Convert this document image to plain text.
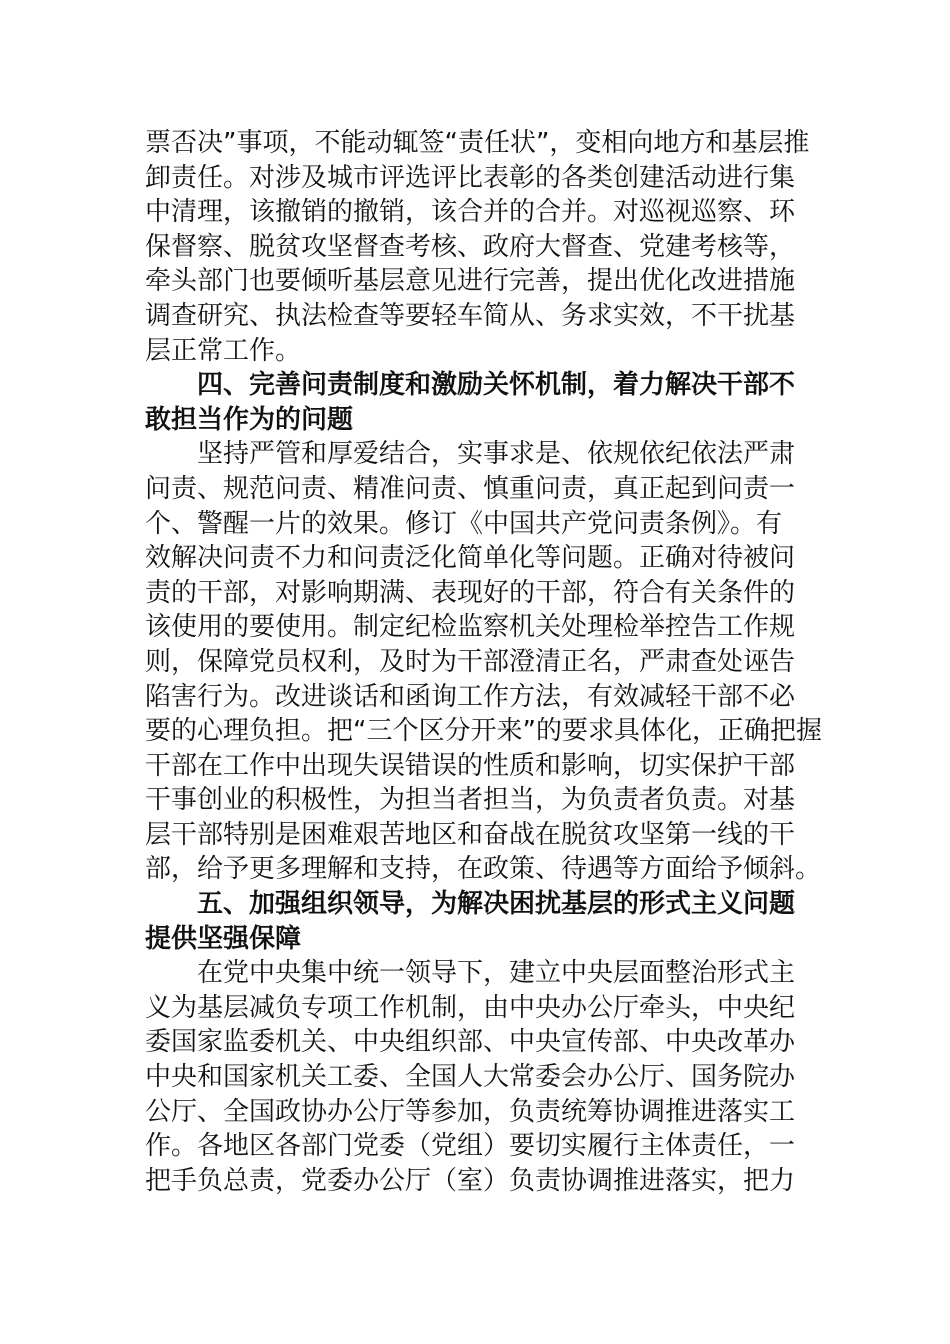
票否决”事项，不能动辄签“责任状”，变相向地方和基层推
卸责任。对涉及城市评选评比表彰的各类创建活动进行集
中清理，该撤销的撤销，该合并的合并。对巡视巡察、环
保督察、脱贫攻坚督查考核、政府大督查、党建考核等，
牵头部门也要倾听基层意见进行完善，提出优化改进措施
调查研究、执法检查等要轻车简从、务求实效，不干扰基
层正常工作。
四、完善问责制度和激励关怀机制，着力解决干部不
敢担当作为的问题
坚持严管和厚爱结合，实事求是、依规依纪依法严肃
问责、规范问责、精准问责、慎重问责，真正起到问责一
个、警醒一片的效果。修订《中国共产党问责条例》。有
效解决问责不力和问责泛化简单化等问题。正确对待被问
责的干部，对影响期满、表现好的干部，符合有关条件的
该使用的要使用。制定纪检监察机关处理检举控告工作规
则，保障党员权利，及时为干部澄清正名，严肃查处诬告
陷害行为。改进谈话和函询工作方法，有效减轻干部不必
要的心理负担。把“三个区分开来”的要求具体化，正确把握
干部在工作中出现失误错误的性质和影响，切实保护干部
干事创业的积极性，为担当者担当，为负责者负责。对基
层干部特别是困难艰苦地区和奋战在脱贫攻坚第一线的干
部，给予更多理解和支持，在政策、待遇等方面给予倾斜。
五、加强组织领导，为解决困扰基层的形式主义问题
提供坚强保障
在党中央集中统一领导下，建立中央层面整治形式主
义为基层减负专项工作机制，由中央办公厅牵头，中央纪
委国家监委机关、中央组织部、中央宣传部、中央改革办
中央和国家机关工委、全国人大常委会办公厅、国务院办
公厅、全国政协办公厅等参加，负责统筹协调推进落实工
作。各地区各部门党委（党组）要切实履行主体责任，一
把手负总责，党委办公厅（室）负责协调推进落实，把力
